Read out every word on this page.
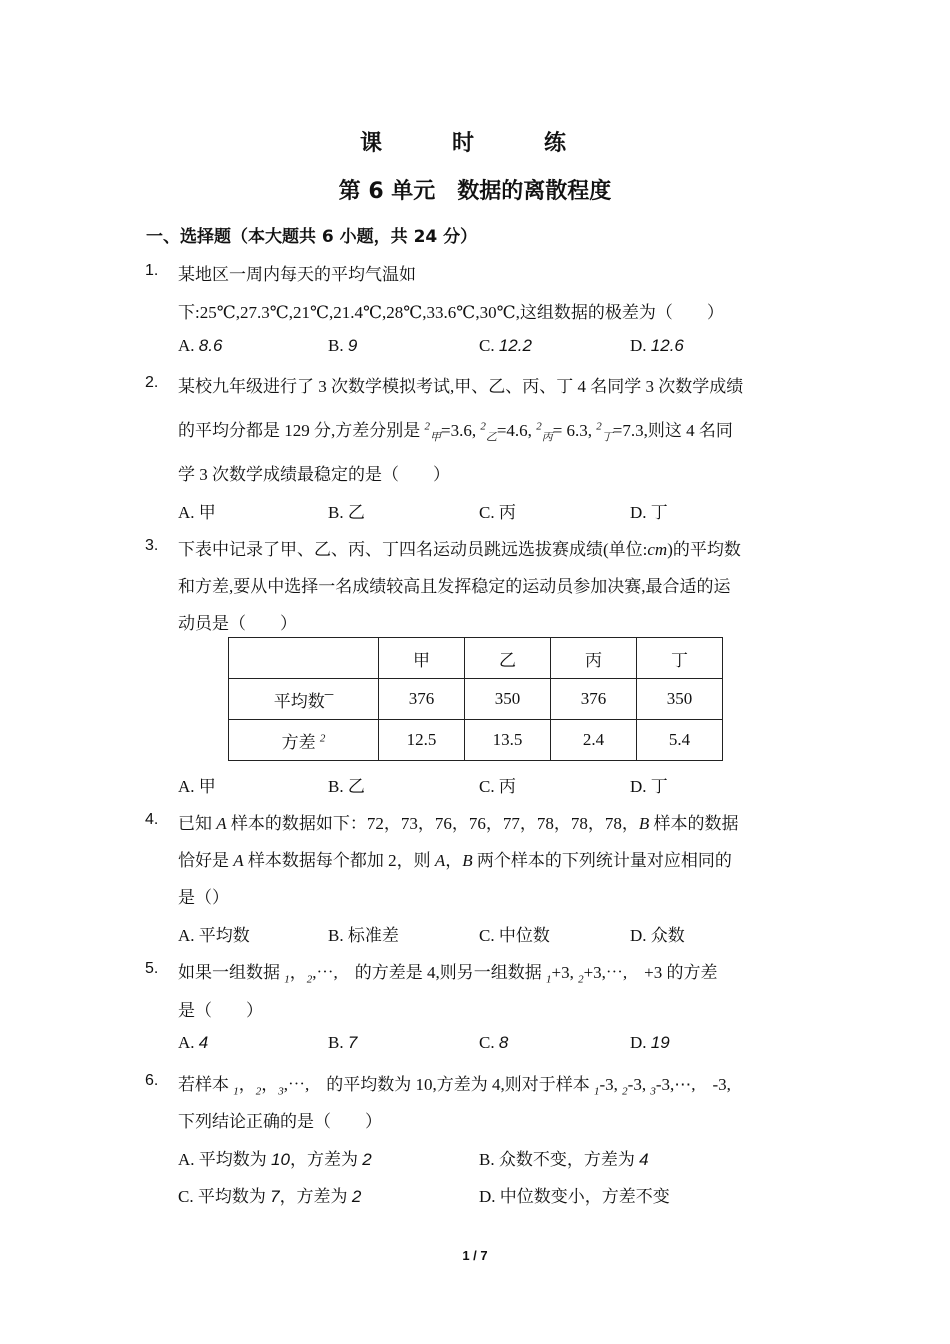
课　时　练
第 6 单元　数据的离散程度
一、选择题（本大题共 6 小题，共 24 分）
1. 某地区一周内每天的平均气温如
下:25℃,27.3℃,21℃,21.4℃,28℃,33.6℃,30℃,这组数据的极差为（　　）
A. 8.6	B. 9	C. 12.2	D. 12.6
2. 某校九年级进行了 3 次数学模拟考试,甲、乙、丙、丁 4 名同学 3 次数学成绩
的平均分都是 129 分,方差分别是 $^2_甲$=3.6, $^2_乙$=4.6, $^2_丙$= 6.3, $^2_丁$=7.3,则这 4 名同
学 3 次数学成绩最稳定的是（　　）
A. 甲	B. 乙	C. 丙	D. 丁
3. 下表中记录了甲、乙、丙、丁四名运动员跳远选拔赛成绩(单位:cm)的平均数
和方差,要从中选择一名成绩较高且发挥稳定的运动员参加决赛,最合适的运
动员是（　　）
	甲	乙	丙	丁
平均数¯	376	350	376	350
方差 $^2$	12.5	13.5	2.4	5.4
A. 甲	B. 乙	C. 丙	D. 丁
4. 已知 A 样本的数据如下：72，73，76，76，77，78，78，78，B 样本的数据
恰好是 A 样本数据每个都加 2，则 A，B 两个样本的下列统计量对应相同的
是（）
A. 平均数	B. 标准差	C. 中位数	D. 众数
5. 如果一组数据 $_1$，$_2$,⋯,　的方差是 4,则另一组数据 $_1$+3, $_2$+3,⋯,　+3 的方差
是（　　）
A. 4	B. 7	C. 8	D. 19
6. 若样本 $_1$，$_2$，$_3$,⋯,　的平均数为 10,方差为 4,则对于样本 $_1$-3, $_2$-3, $_3$-3,⋯,　-3,
下列结论正确的是（　　）
A. 平均数为 10，方差为 2	B. 众数不变，方差为 4
C. 平均数为 7，方差为 2	D. 中位数变小，方差不变
1 / 7
